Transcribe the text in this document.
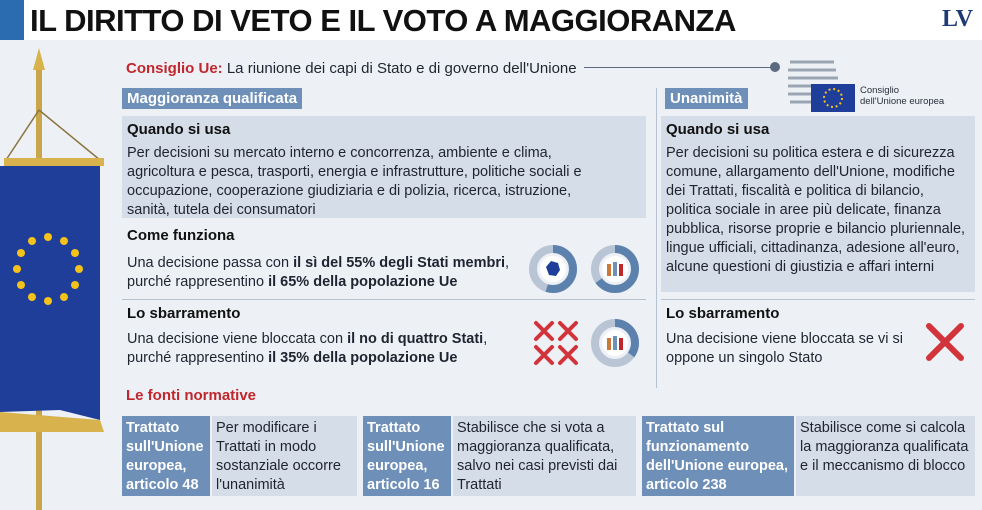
IL DIRITTO DI VETO E IL VOTO A MAGGIORANZA	LV
Consiglio Ue: La riunione dei capi di Stato e di governo dell'Unione
Consiglio
dell'Unione europea
Maggioranza qualificata
Quando si usa
Per decisioni su mercato interno e concorrenza, ambiente e clima, agricoltura e pesca, trasporti, energia e infrastrutture, politiche sociali e occupazione, cooperazione giudiziaria e di polizia, ricerca, istruzione, sanità, tutela dei consumatori
Come funziona
Una decisione passa con il sì del 55% degli Stati membri, purché rappresentino il 65% della popolazione Ue
Lo sbarramento
Una decisione viene bloccata con il no di quattro Stati, purché rappresentino il 35% della popolazione Ue
Unanimità
Quando si usa
Per decisioni su politica estera e di sicurezza comune, allargamento dell'Unione, modifiche dei Trattati, fiscalità e politica di bilancio, politica sociale in aree più delicate, finanza pubblica, risorse proprie e bilancio pluriennale, lingue ufficiali, cittadinanza, adesione all'euro, alcune questioni di giustizia e affari interni
Lo sbarramento
Una decisione viene bloccata se vi si oppone un singolo Stato
Le fonti normative
Trattato sull'Unione europea, articolo 48
Per modificare i Trattati in modo sostanziale occorre l'unanimità
Trattato sull'Unione europea, articolo 16
Stabilisce che si vota a maggioranza qualificata, salvo nei casi previsti dai Trattati
Trattato sul funzionamento dell'Unione europea, articolo 238
Stabilisce come si calcola la maggioranza qualificata e il meccanismo di blocco
